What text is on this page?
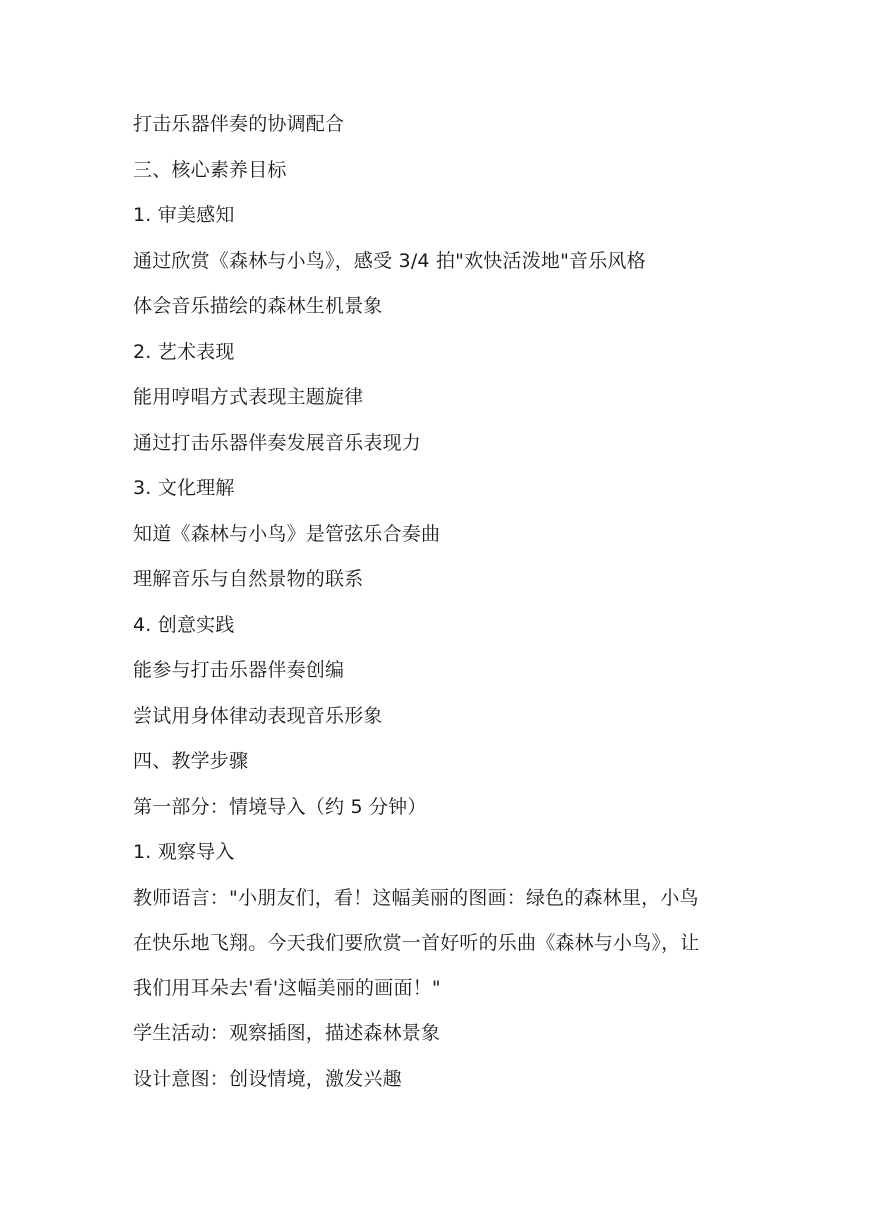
打击乐器伴奏的协调配合
三、核心素养目标
1. 审美感知
通过欣赏《森林与小鸟》，感受 3/4 拍"欢快活泼地"音乐风格
体会音乐描绘的森林生机景象
2. 艺术表现
能用哼唱方式表现主题旋律
通过打击乐器伴奏发展音乐表现力
3. 文化理解
知道《森林与小鸟》是管弦乐合奏曲
理解音乐与自然景物的联系
4. 创意实践
能参与打击乐器伴奏创编
尝试用身体律动表现音乐形象
四、教学步骤
第一部分：情境导入（约 5 分钟）
1. 观察导入
教师语言："小朋友们，看！这幅美丽的图画：绿色的森林里，小鸟
在快乐地飞翔。今天我们要欣赏一首好听的乐曲《森林与小鸟》，让
我们用耳朵去'看'这幅美丽的画面！"
学生活动：观察插图，描述森林景象
设计意图：创设情境，激发兴趣
